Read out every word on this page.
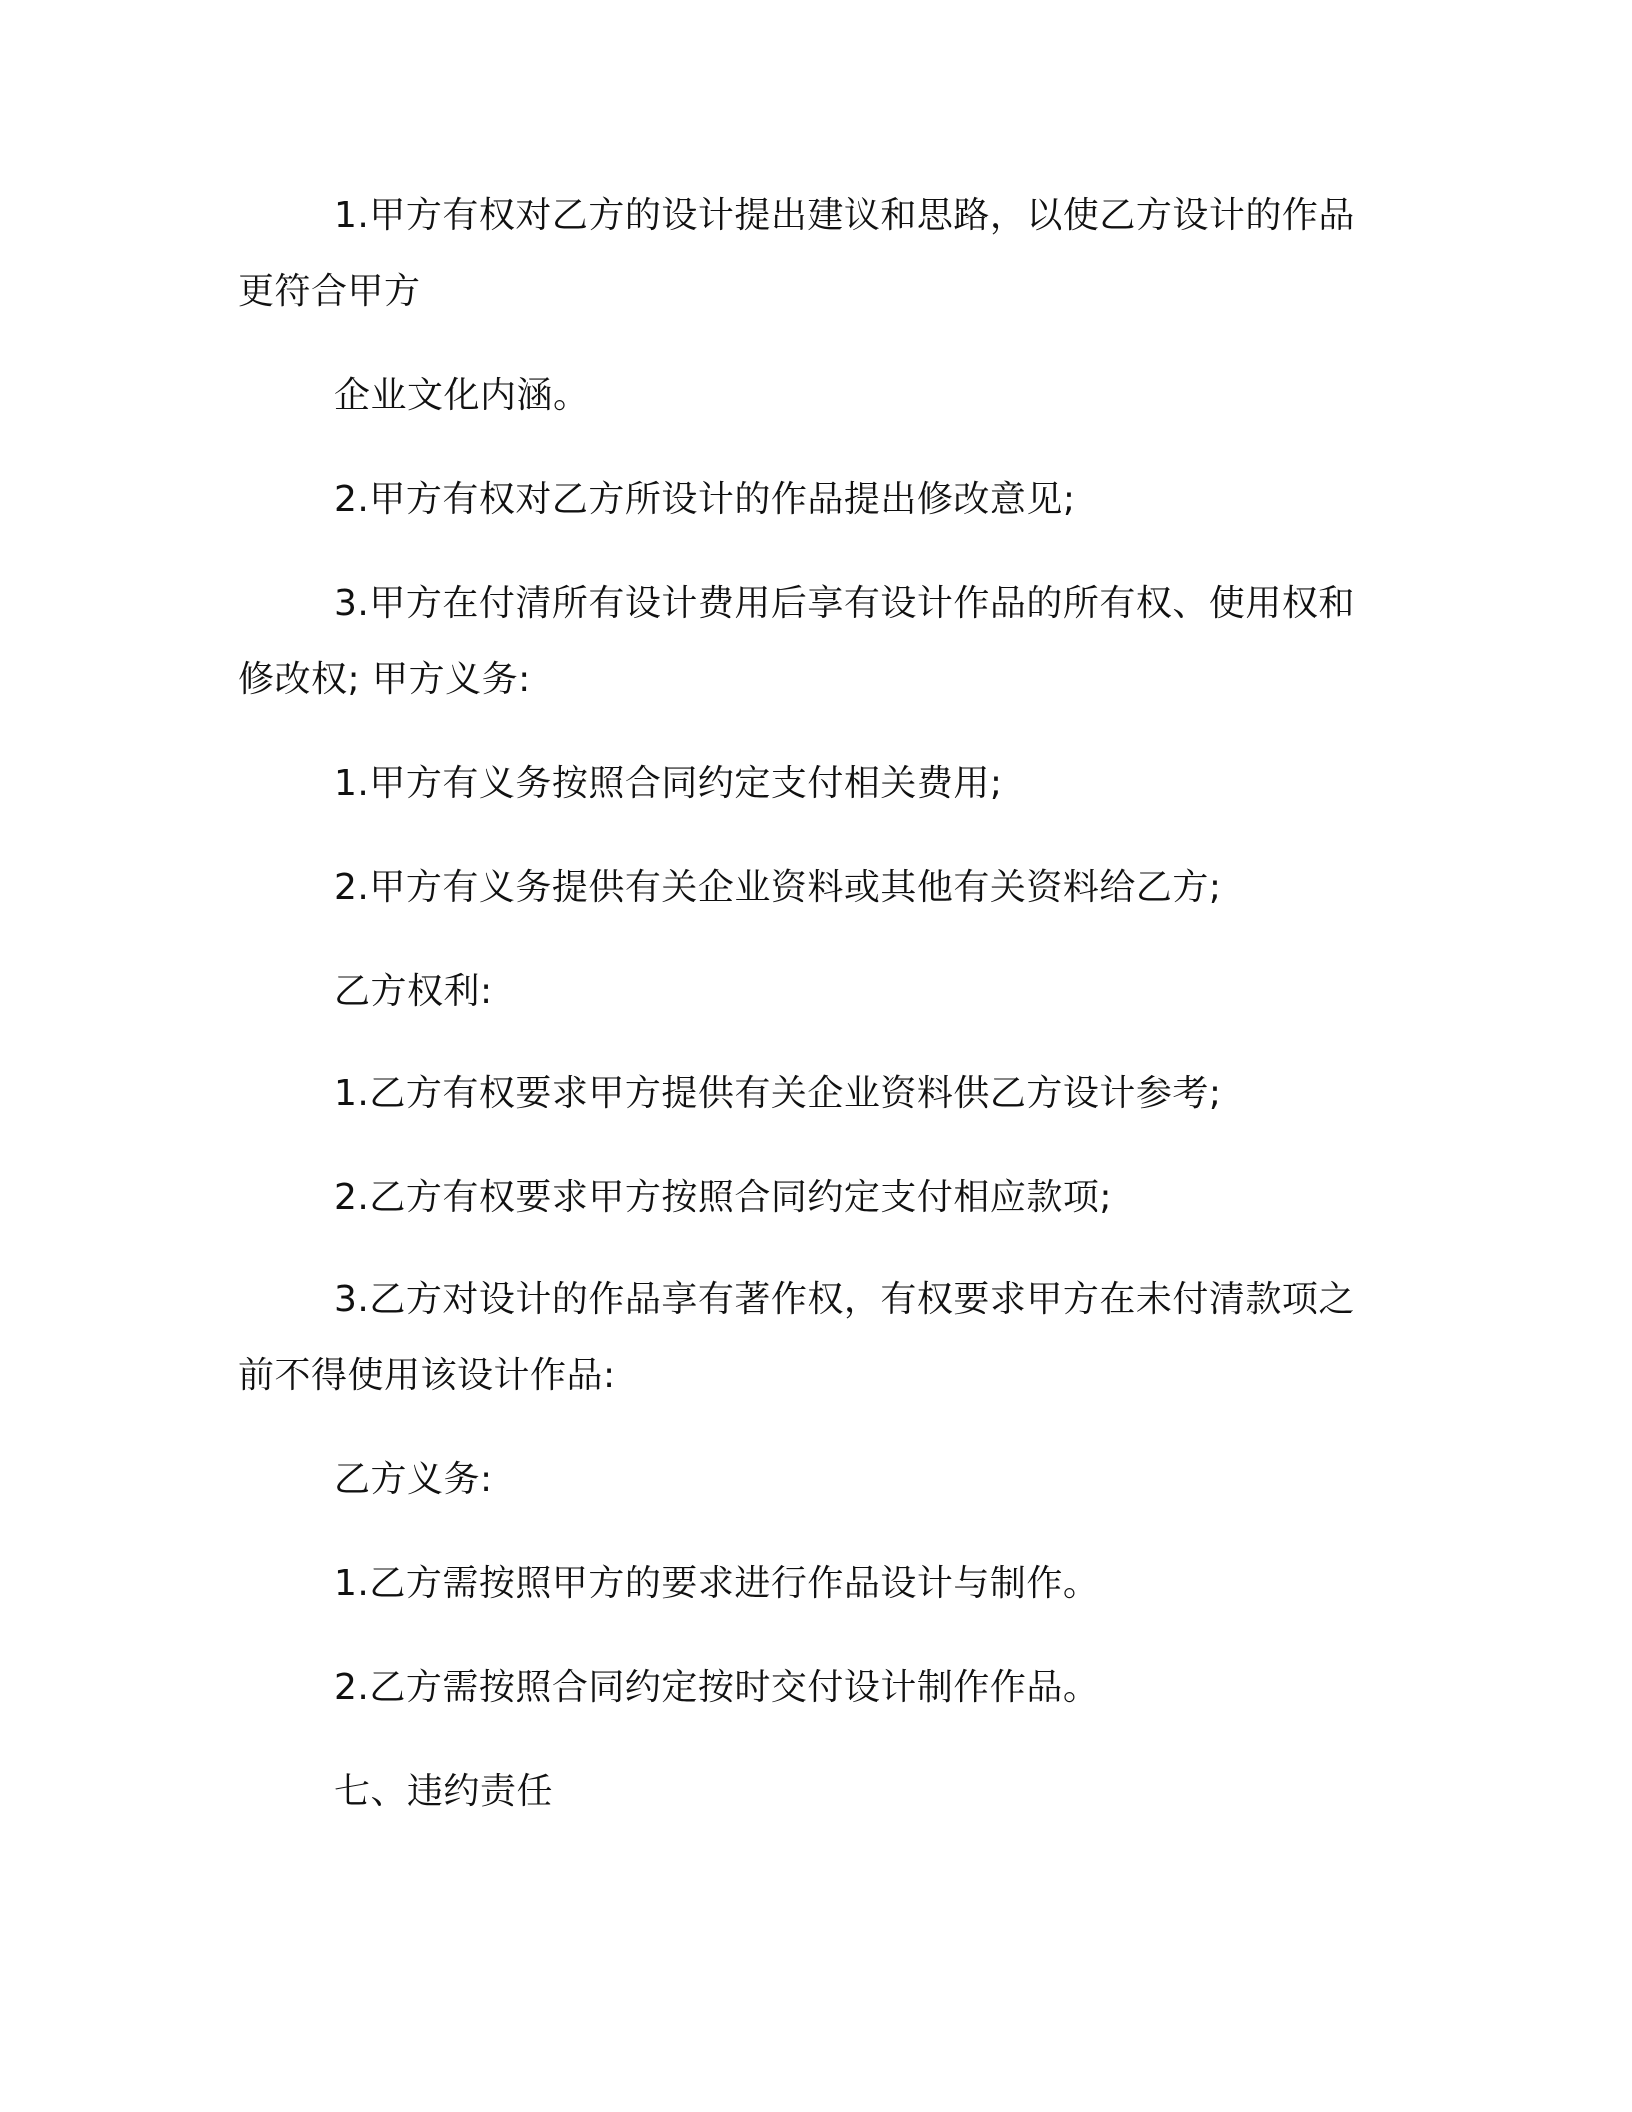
1.甲方有权对乙方的设计提出建议和思路，以使乙方设计的作品

更符合甲方

企业文化内涵。

2.甲方有权对乙方所设计的作品提出修改意见;

3.甲方在付清所有设计费用后享有设计作品的所有权、使用权和

修改权; 甲方义务:

1.甲方有义务按照合同约定支付相关费用;

2.甲方有义务提供有关企业资料或其他有关资料给乙方;

乙方权利:

1.乙方有权要求甲方提供有关企业资料供乙方设计参考;

2.乙方有权要求甲方按照合同约定支付相应款项;

3.乙方对设计的作品享有著作权，有权要求甲方在未付清款项之

前不得使用该设计作品:

乙方义务:

1.乙方需按照甲方的要求进行作品设计与制作。

2.乙方需按照合同约定按时交付设计制作作品。

七、违约责任
